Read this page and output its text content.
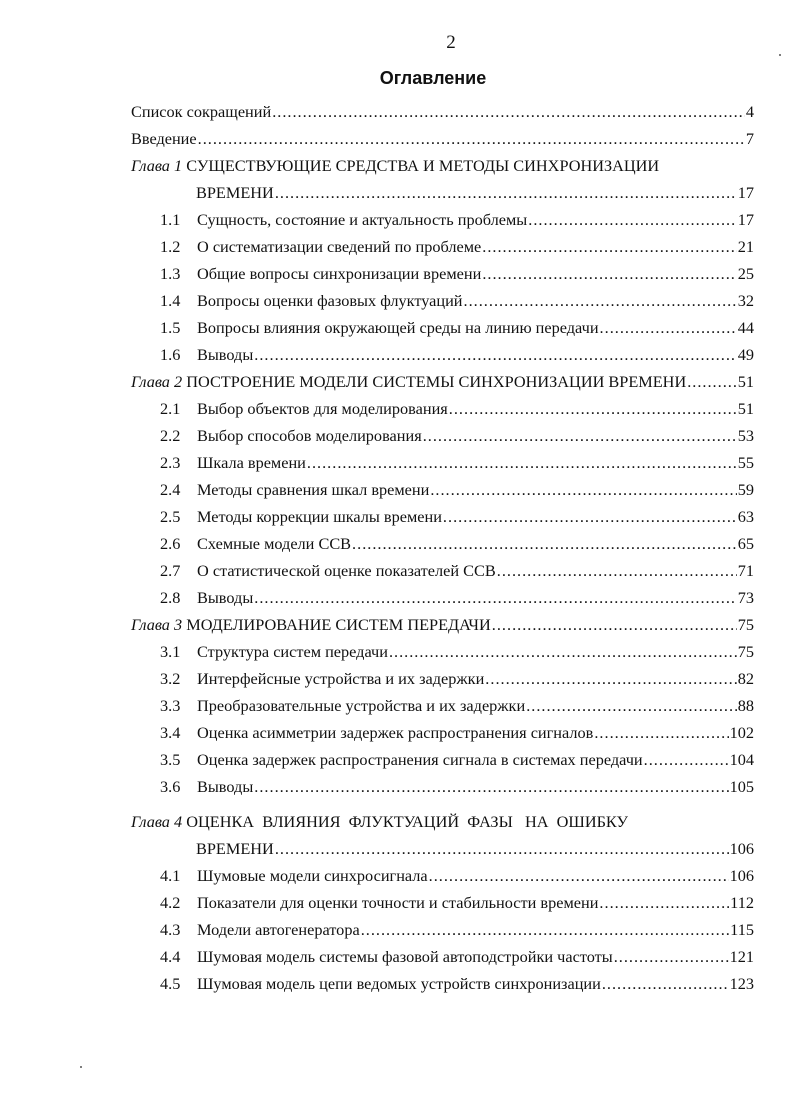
2
Оглавление
Список сокращений .....	4
Введение .....	7
Глава 1 СУЩЕСТВУЮЩИЕ СРЕДСТВА И МЕТОДЫ СИНХРОНИЗАЦИИ
ВРЕМЕНИ .....	17
1.1	Сущность, состояние и актуальность проблемы .....	17
1.2	О систематизации сведений по проблеме .....	21
1.3	Общие вопросы синхронизации времени .....	25
1.4	Вопросы оценки фазовых флуктуаций .....	32
1.5	Вопросы влияния окружающей среды на линию передачи .....	44
1.6	Выводы .....	49
Глава 2 ПОСТРОЕНИЕ МОДЕЛИ СИСТЕМЫ СИНХРОНИЗАЦИИ ВРЕМЕНИ .....	51
2.1	Выбор объектов для моделирования .....	51
2.2	Выбор способов моделирования .....	53
2.3	Шкала времени .....	55
2.4	Методы сравнения шкал времени .....	59
2.5	Методы коррекции шкалы времени .....	63
2.6	Схемные модели ССВ .....	65
2.7	О статистической оценке показателей ССВ .....	71
2.8	Выводы .....	73
Глава 3 МОДЕЛИРОВАНИЕ СИСТЕМ ПЕРЕДАЧИ .....	75
3.1	Структура систем передачи .....	75
3.2	Интерфейсные устройства и их задержки .....	82
3.3	Преобразовательные устройства и их задержки .....	88
3.4	Оценка асимметрии задержек распространения сигналов .....	102
3.5	Оценка задержек распространения сигнала в системах передачи .....	104
3.6	Выводы .....	105
Глава 4 ОЦЕНКА  ВЛИЯНИЯ  ФЛУКТУАЦИЙ  ФАЗЫ   НА  ОШИБКУ
ВРЕМЕНИ .....	106
4.1	Шумовые модели синхросигнала .....	106
4.2	Показатели для оценки точности и стабильности времени .....	112
4.3	Модели автогенератора .....	115
4.4	Шумовая модель системы фазовой автоподстройки частоты .....	121
4.5	Шумовая модель цепи ведомых устройств синхронизации .....	123
